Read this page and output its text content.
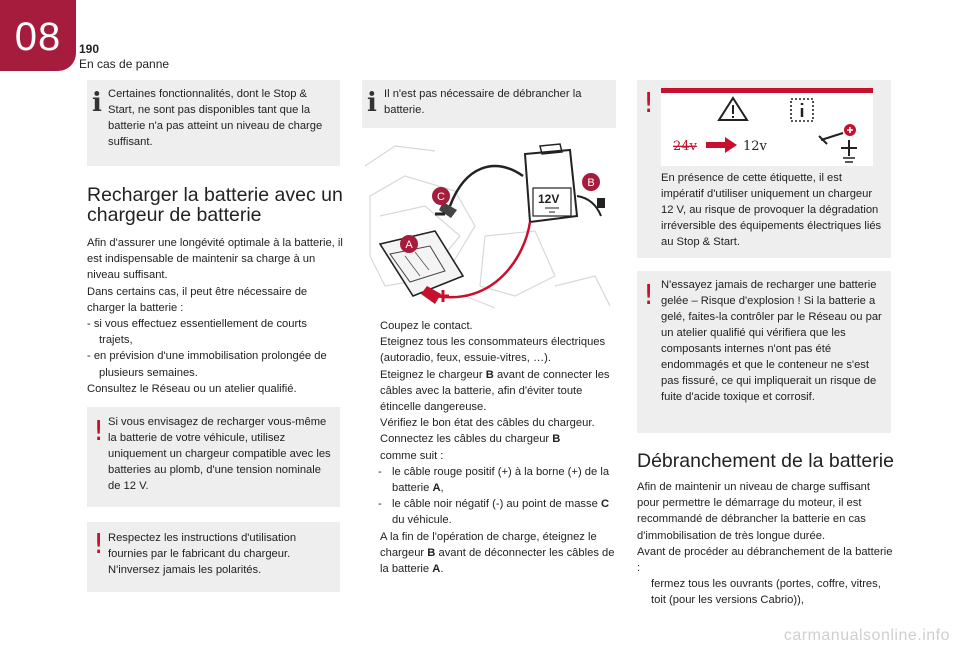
08	190
En cas de panne
i Certaines fonctionnalités, dont le Stop & Start, ne sont pas disponibles tant que la batterie n'a pas atteint un niveau de charge suffisant.
Recharger la batterie avec un
chargeur de batterie

Afin d'assurer une longévité optimale à la batterie, il est indispensable de maintenir sa charge à un niveau suffisant.

Dans certains cas, il peut être nécessaire de charger la batterie :

- si vous effectuez essentiellement de courts trajets,

- en prévision d'une immobilisation prolongée de plusieurs semaines.

Consultez le Réseau ou un atelier qualifié.

! Si vous envisagez de recharger vous-même la batterie de votre véhicule, utilisez uniquement un chargeur compatible avec les batteries au plomb, d'une tension nominale de 12 V.
! Respectez les instructions d'utilisation fournies par le fabricant du chargeur. N'inversez jamais les polarités.
i Il n'est pas nécessaire de débrancher la batterie.
12V
C
B
A
Coupez le contact.
Eteignez tous les consommateurs électriques (autoradio, feux, essuie-vitres, …).
Eteignez le chargeur B avant de connecter les câbles avec la batterie, afin d'éviter toute étincelle dangereuse.
Vérifiez le bon état des câbles du chargeur.
Connectez les câbles du chargeur B
comme suit :
- le câble rouge positif (+) à la borne (+) de la batterie A,
- le câble noir négatif (-) au point de masse C du véhicule.
A la fin de l'opération de charge, éteignez le chargeur B avant de déconnecter les câbles de la batterie A.
!
24v	12v
En présence de cette étiquette, il est impératif d'utiliser uniquement un chargeur 12 V, au risque de provoquer la dégradation irréversible des équipements électriques liés au Stop & Start.
! N'essayez jamais de recharger une batterie gelée – Risque d'explosion ! Si la batterie a gelé, faites-la contrôler par le Réseau ou par un atelier qualifié qui vérifiera que les composants internes n'ont pas été endommagés et que le conteneur ne s'est pas fissuré, ce qui impliquerait un risque de fuite d'acide toxique et corrosif.
Débranchement de la batterie

Afin de maintenir un niveau de charge suffisant pour permettre le démarrage du moteur, il est recommandé de débrancher la batterie en cas d'immobilisation de très longue durée.

Avant de procéder au débranchement de la batterie :

fermez tous les ouvrants (portes, coffre, vitres, toit (pour les versions Cabrio)),
carmanualsonline.info
